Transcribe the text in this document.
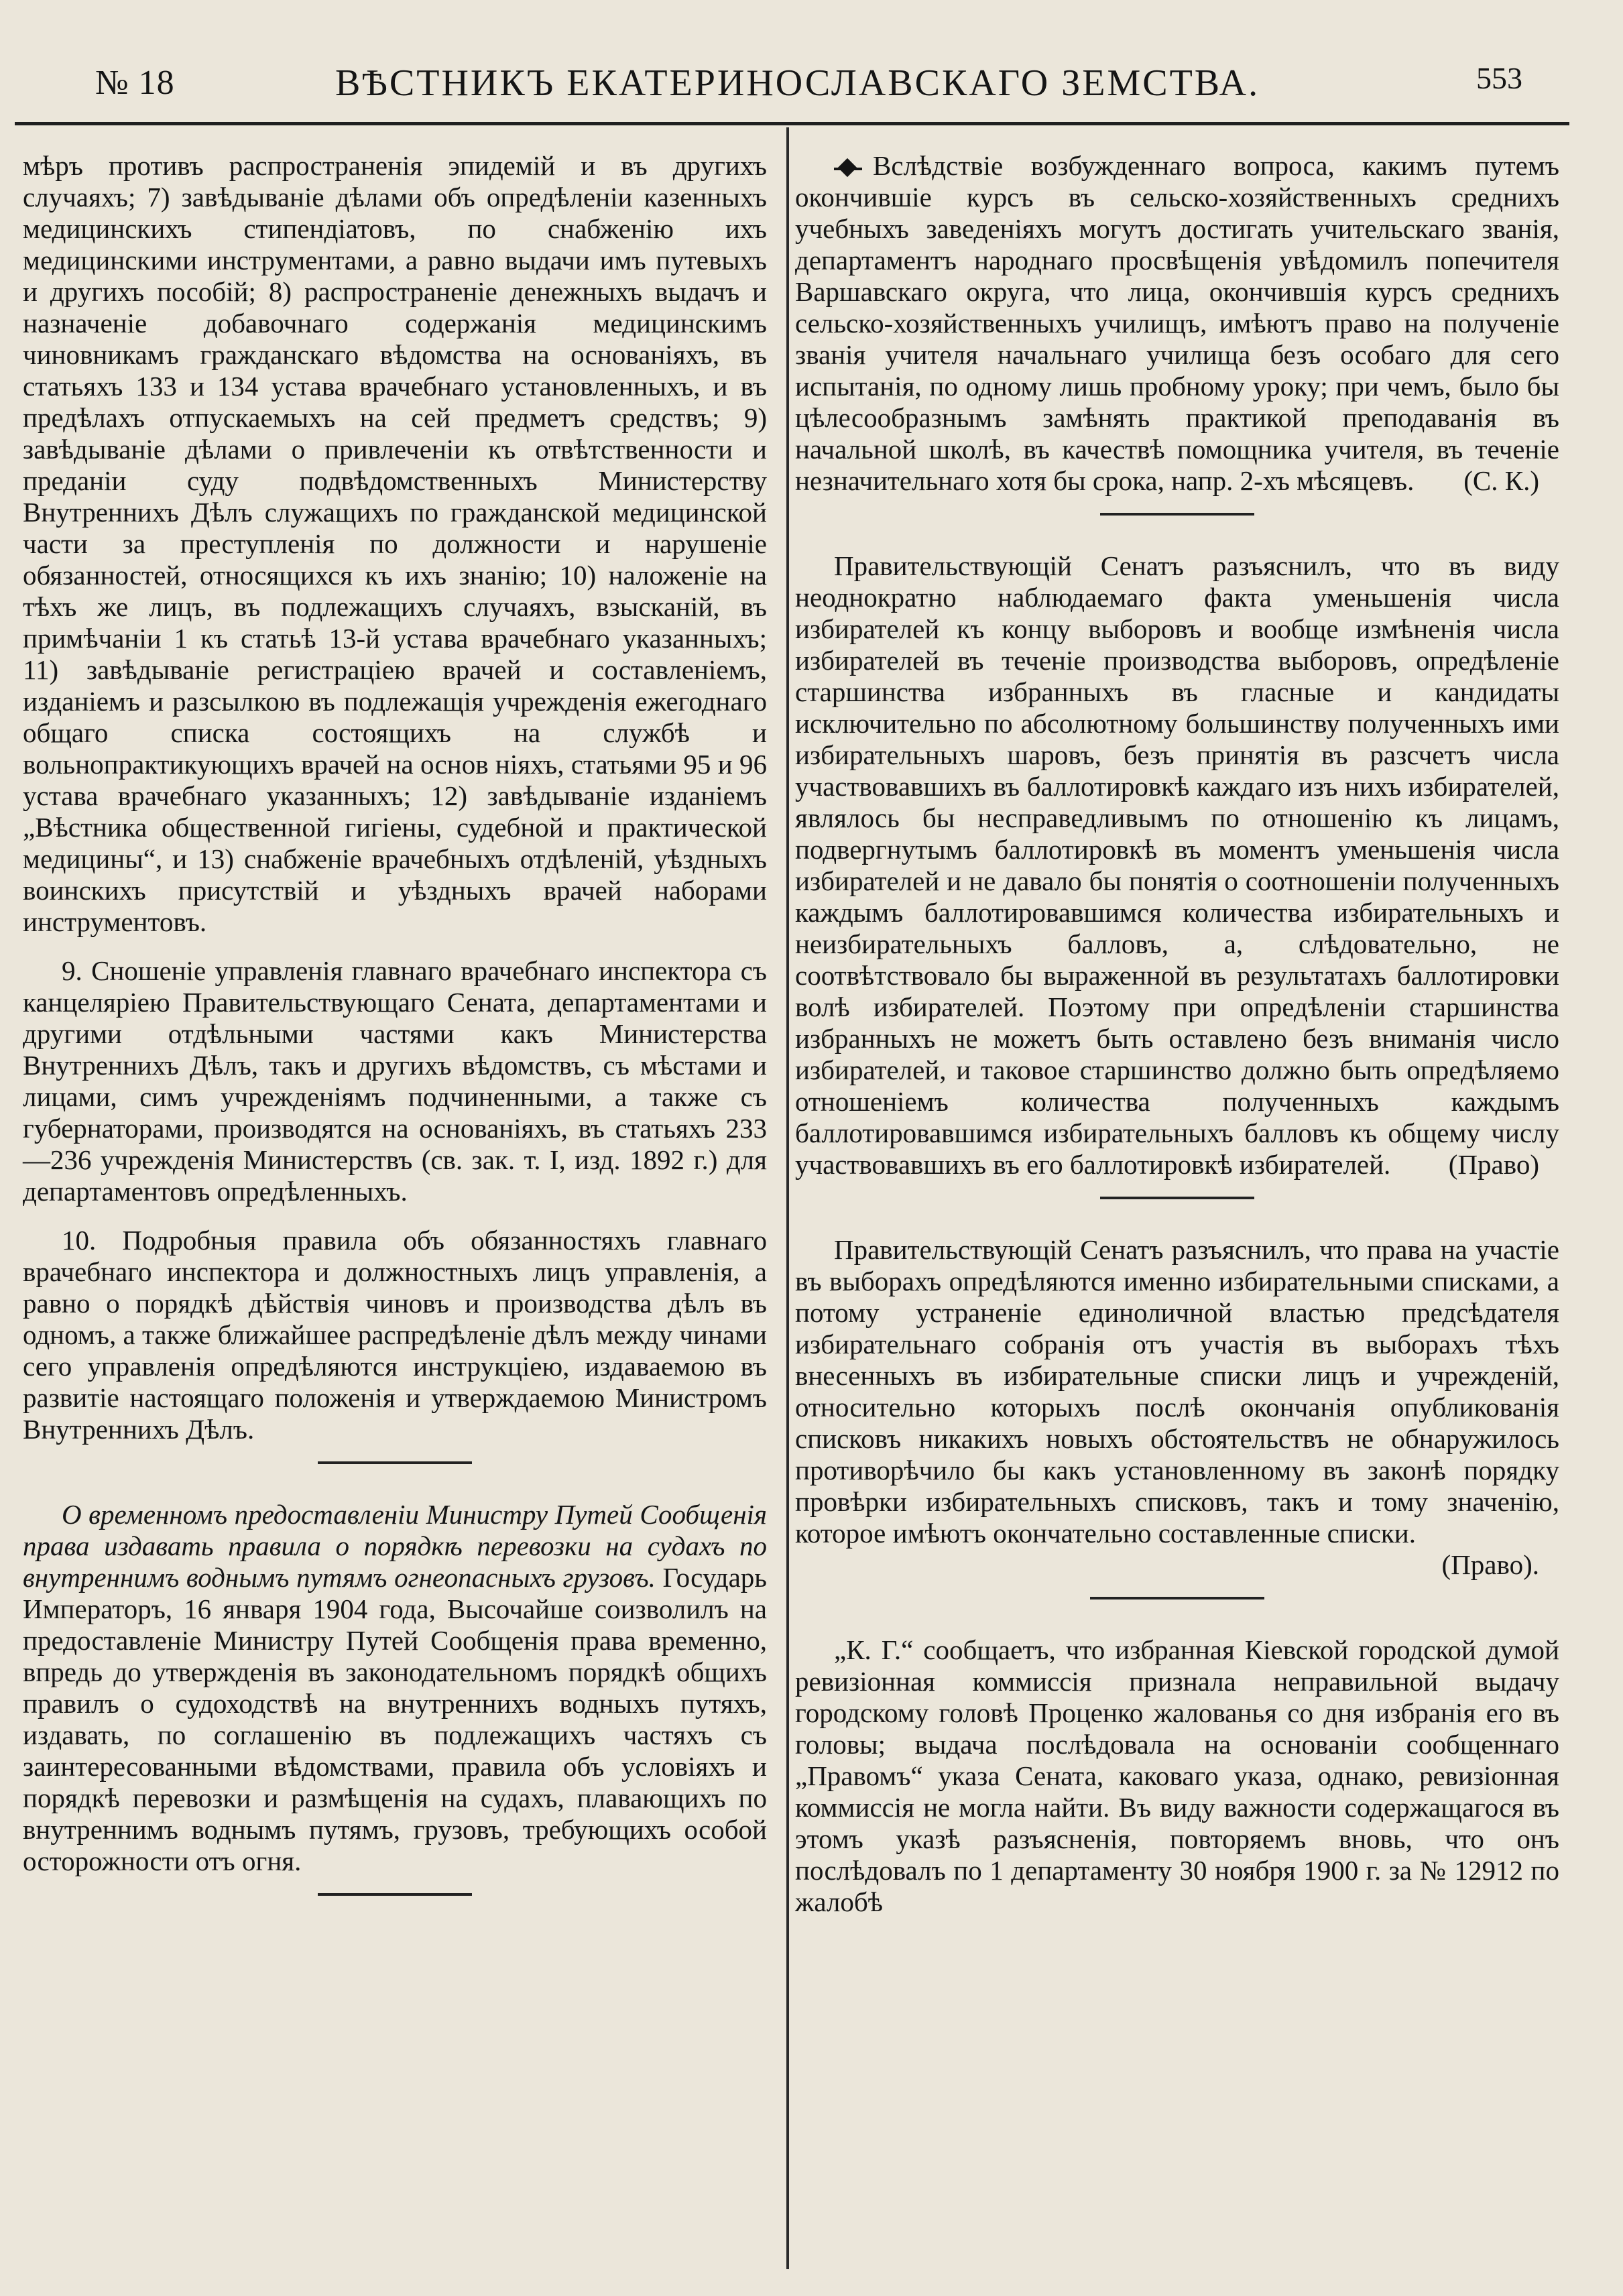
№ 18	ВѢСТНИКЪ ЕКАТЕРИНОСЛАВСКАГО ЗЕМСТВА.	553

мѣръ противъ распространенія эпидемій и въ другихъ случаяхъ; 7) завѣдываніе дѣлами объ опредѣленіи казенныхъ медицинскихъ стипендіатовъ, по снабженію ихъ медицинскими инструментами, а равно выдачи имъ путевыхъ и другихъ пособій; 8) распространеніе денежныхъ выдачъ и назначеніе добавочнаго содержанія медицинскимъ чиновникамъ гражданскаго вѣдомства на основаніяхъ, въ статьяхъ 133 и 134 устава врачебнаго установленныхъ, и въ предѣлахъ отпускаемыхъ на сей предметъ средствъ; 9) завѣдываніе дѣлами о привлеченіи къ отвѣтственности и преданіи суду подвѣдомственныхъ Министерству Внутреннихъ Дѣлъ служащихъ по гражданской медицинской части за преступленія по должности и нарушеніе обязанностей, относящихся къ ихъ знанію; 10) наложеніе на тѣхъ же лицъ, въ подлежащихъ случаяхъ, взысканій, въ примѣчаніи 1 къ статьѣ 13-й устава врачебнаго указанныхъ; 11) завѣдываніе регистраціею врачей и составленіемъ, изданіемъ и разсылкою въ подлежащія учрежденія ежегоднаго общаго списка состоящихъ на службѣ и вольнопрактикующихъ врачей на основ ніяхъ, статьями 95 и 96 устава врачебнаго указанныхъ; 12) завѣдываніе изданіемъ „Вѣстника общественной гигіены, судебной и практической медицины“, и 13) снабженіе врачебныхъ отдѣленій, уѣздныхъ воинскихъ присутствій и уѣздныхъ врачей наборами инструментовъ.

9. Сношеніе управленія главнаго врачебнаго инспектора съ канцеляріею Правительствующаго Сената, департаментами и другими отдѣльными частями какъ Министерства Внутреннихъ Дѣлъ, такъ и другихъ вѣдомствъ, съ мѣстами и лицами, симъ учрежденіямъ подчиненными, а также съ губернаторами, производятся на основаніяхъ, въ статьяхъ 233—236 учрежденія Министерствъ (св. зак. т. I, изд. 1892 г.) для департаментовъ опредѣленныхъ.

10. Подробныя правила объ обязанностяхъ главнаго врачебнаго инспектора и должностныхъ лицъ управленія, а равно о порядкѣ дѣйствія чиновъ и производства дѣлъ въ одномъ, а также ближайшее распредѣленіе дѣлъ между чинами сего управленія опредѣляются инструкціею, издаваемою въ развитіе настоящаго положенія и утверждаемою Министромъ Внутреннихъ Дѣлъ.

О временномъ предоставленіи Министру Путей Сообщенія права издавать правила о порядкѣ перевозки на судахъ по внутреннимъ воднымъ путямъ огнеопасныхъ грузовъ. Государь Императоръ, 16 января 1904 года, Высочайше соизволилъ на предоставленіе Министру Путей Сообщенія права временно, впредь до утвержденія въ законодательномъ порядкѣ общихъ правилъ о судоходствѣ на внутреннихъ водныхъ путяхъ, издавать, по соглашенію въ подлежащихъ частяхъ съ заинтересованными вѣдомствами, правила объ условіяхъ и порядкѣ перевозки и размѣщенія на судахъ, плавающихъ по внутреннимъ воднымъ путямъ, грузовъ, требующихъ особой осторожности отъ огня.

Вслѣдствіе возбужденнаго вопроса, какимъ путемъ окончившіе курсъ въ сельско-хозяйственныхъ среднихъ учебныхъ заведеніяхъ могутъ достигать учительскаго званія, департаментъ народнаго просвѣщенія увѣдомилъ попечителя Варшавскаго округа, что лица, окончившія курсъ среднихъ сельско-хозяйственныхъ училищъ, имѣютъ право на полученіе званія учителя начальнаго училища безъ особаго для сего испытанія, по одному лишь пробному уроку; при чемъ, было бы цѣлесообразнымъ замѣнять практикой преподаванія въ начальной школѣ, въ качествѣ помощника учителя, въ теченіе незначительнаго хотя бы срока, напр. 2-хъ мѣсяцевъ.	(С. К.)

Правительствующій Сенатъ разъяснилъ, что въ виду неоднократно наблюдаемаго факта уменьшенія числа избирателей къ концу выборовъ и вообще измѣненія числа избирателей въ теченіе производства выборовъ, опредѣленіе старшинства избранныхъ въ гласные и кандидаты исключительно по абсолютному большинству полученныхъ ими избирательныхъ шаровъ, безъ принятія въ разсчетъ числа участвовавшихъ въ баллотировкѣ каждаго изъ нихъ избирателей, являлось бы несправедливымъ по отношенію къ лицамъ, подвергнутымъ баллотировкѣ въ моментъ уменьшенія числа избирателей и не давало бы понятія о соотношеніи полученныхъ каждымъ баллотировавшимся количества избирательныхъ и неизбирательныхъ балловъ, а, слѣдовательно, не соотвѣтствовало бы выраженной въ результатахъ баллотировки волѣ избирателей. Поэтому при опредѣленіи старшинства избранныхъ не можетъ быть оставлено безъ вниманія число избирателей, и таковое старшинство должно быть опредѣляемо отношеніемъ количества полученныхъ каждымъ баллотировавшимся избирательныхъ балловъ къ общему числу участвовавшихъ въ его баллотировкѣ избирателей.	(Право)

Правительствующій Сенатъ разъяснилъ, что права на участіе въ выборахъ опредѣляются именно избирательными списками, а потому устраненіе единоличной властью предсѣдателя избирательнаго собранія отъ участія въ выборахъ тѣхъ внесенныхъ въ избирательные списки лицъ и учрежденій, относительно которыхъ послѣ окончанія опубликованія списковъ никакихъ новыхъ обстоятельствъ не обнаружилось противорѣчило бы какъ установленному въ законѣ порядку провѣрки избирательныхъ списковъ, такъ и тому значенію, которое имѣютъ окончательно составленные списки.
(Право).

„К. Г.“ сообщаетъ, что избранная Кіевской городской думой ревизіонная коммиссія признала неправильной выдачу городскому головѣ Проценко жалованья со дня избранія его въ головы; выдача послѣдовала на основаніи сообщеннаго „Правомъ“ указа Сената, каковаго указа, однако, ревизіонная коммиссія не могла найти. Въ виду важности содержащагося въ этомъ указѣ разъясненія, повторяемъ вновь, что онъ послѣдовалъ по 1 департаменту 30 ноября 1900 г. за № 12912 по жалобѣ
